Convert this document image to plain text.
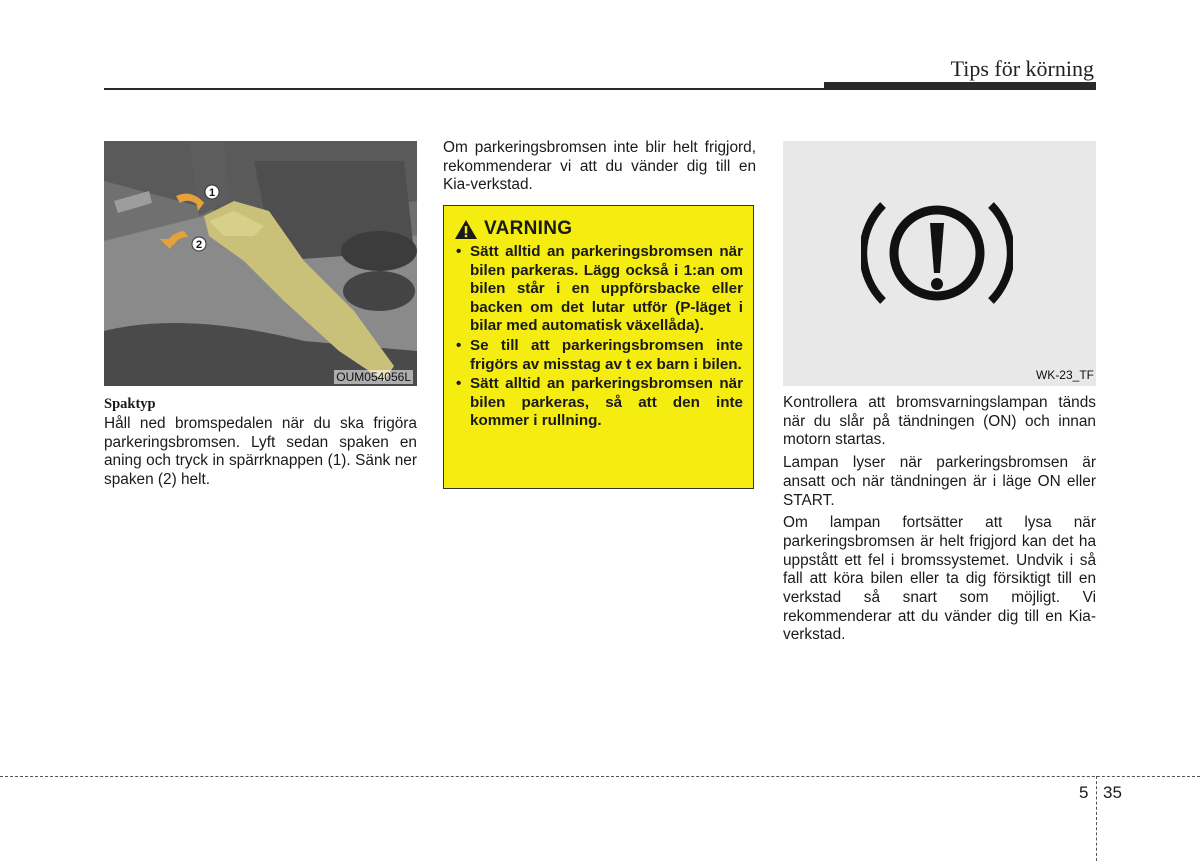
Tips för körning
1
2
OUM054056L
Spaktyp

Håll ned bromspedalen när du ska frigöra parkeringsbromsen. Lyft sedan spaken en aning och tryck in spärrknappen (1). Sänk ner spaken (2) helt.

Om parkeringsbromsen inte blir helt frigjord, rekommenderar vi att du vänder dig till en Kia-verkstad.

VARNING
• Sätt alltid an parkeringsbromsen när bilen parkeras. Lägg också i 1:an om bilen står i en uppförsbacke eller backen om det lutar utför (P-läget i bilar med automatisk växellåda).
• Se till att parkeringsbromsen inte frigörs av misstag av t ex barn i bilen.
• Sätt alltid an parkeringsbromsen när bilen parkeras, så att den inte kommer i rullning.
WK-23_TF

Kontrollera att bromsvarningslampan tänds när du slår på tändningen (ON) och innan motorn startas.

Lampan lyser när parkeringsbromsen är ansatt och när tändningen är i läge ON eller START.

Om lampan fortsätter att lysa när parkeringsbromsen är helt frigjord kan det ha uppstått ett fel i bromssystemet. Undvik i så fall att köra bilen eller ta dig försiktigt till en verkstad så snart som möjligt. Vi rekommenderar att du vänder dig till en Kia-verkstad.

5 35
